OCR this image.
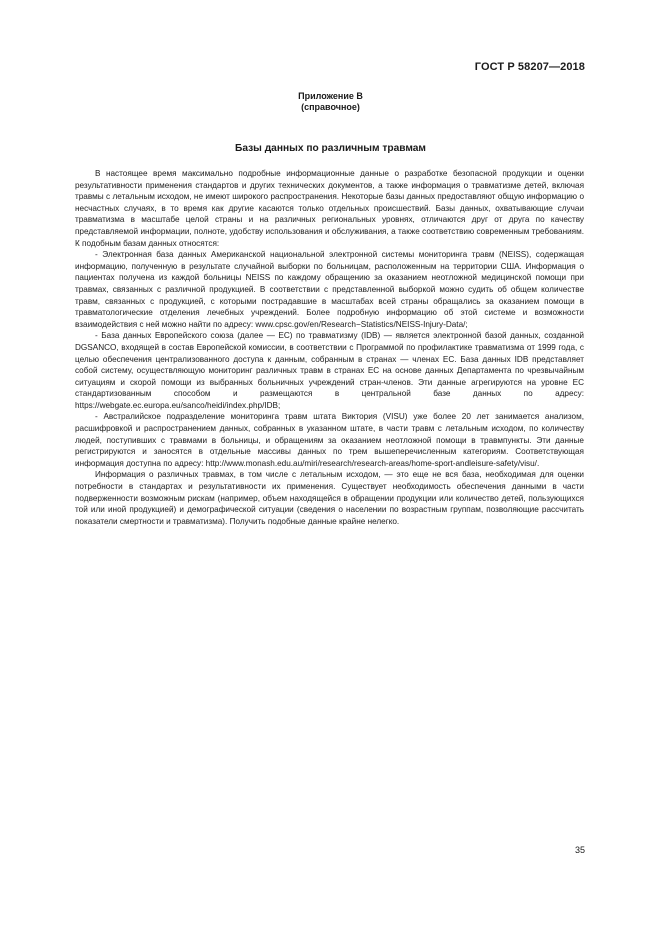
ГОСТ Р 58207—2018
Приложение В
(справочное)
Базы данных по различным травмам

В настоящее время максимально подробные информационные данные о разработке безопасной продукции и оценки результативности применения стандартов и других технических документов, а также информация о травматизме детей, включая травмы с летальным исходом, не имеют широкого распространения. Некоторые базы данных предоставляют общую информацию о несчастных случаях, в то время как другие касаются только отдельных происшествий. Базы данных, охватывающие случаи травматизма в масштабе целой страны и на различных региональных уровнях, отличаются друг от друга по качеству представляемой информации, полноте, удобству использования и обслуживания, а также соответствию современным требованиям. К подобным базам данных относятся:

- Электронная база данных Американской национальной электронной системы мониторинга травм (NEISS), содержащая информацию, полученную в результате случайной выборки по больницам, расположенным на территории США. Информация о пациентах получена из каждой больницы NEISS по каждому обращению за оказанием неотложной медицинской помощи при травмах, связанных с различной продукцией. В соответствии с представленной выборкой можно судить об общем количестве травм, связанных с продукцией, с которыми пострадавшие в масштабах всей страны обращались за оказанием помощи в травматологические отделения лечебных учреждений. Более подробную информацию об этой системе и возможности взаимодействия с ней можно найти по адресу: www.cpsc.gov/en/Research−Statistics/NEISS-Injury-Data/;

- База данных Европейского союза (далее — ЕС) по травматизму (IDB) — является электронной базой данных, созданной DGSANCO, входящей в состав Европейской комиссии, в соответствии с Программой по профилактике травматизма от 1999 года, с целью обеспечения централизованного доступа к данным, собранным в странах — членах ЕС. База данных IDB представляет собой систему, осуществляющую мониторинг различных травм в странах ЕС на основе данных Департамента по чрезвычайным ситуациям и скорой помощи из выбранных больничных учреждений стран-членов. Эти данные агрегируются на уровне ЕС стандартизованным способом и размещаются в центральной базе данных по адресу: https://webgate.ec.europa.eu/sanco/heidi/index.php/IDB;

- Австралийское подразделение мониторинга травм штата Виктория (VISU) уже более 20 лет занимается анализом, расшифровкой и распространением данных, собранных в указанном штате, в части травм с летальным исходом, по количеству людей, поступивших с травмами в больницы, и обращениям за оказанием неотложной помощи в травмпункты. Эти данные регистрируются и заносятся в отдельные массивы данных по трем вышеперечисленным категориям. Соответствующая информация доступна по адресу: http://www.monash.edu.au/miri/research/research-areas/home-sport-andleisure-safety/visu/.

Информация о различных травмах, в том числе с летальным исходом, — это еще не вся база, необходимая для оценки потребности в стандартах и результативности их применения. Существует необходимость обеспечения данными в части подверженности возможным рискам (например, объем находящейся в обращении продукции или количество детей, пользующихся той или иной продукцией) и демографической ситуации (сведения о населении по возрастным группам, позволяющие рассчитать показатели смертности и травматизма). Получить подобные данные крайне нелегко.

35
